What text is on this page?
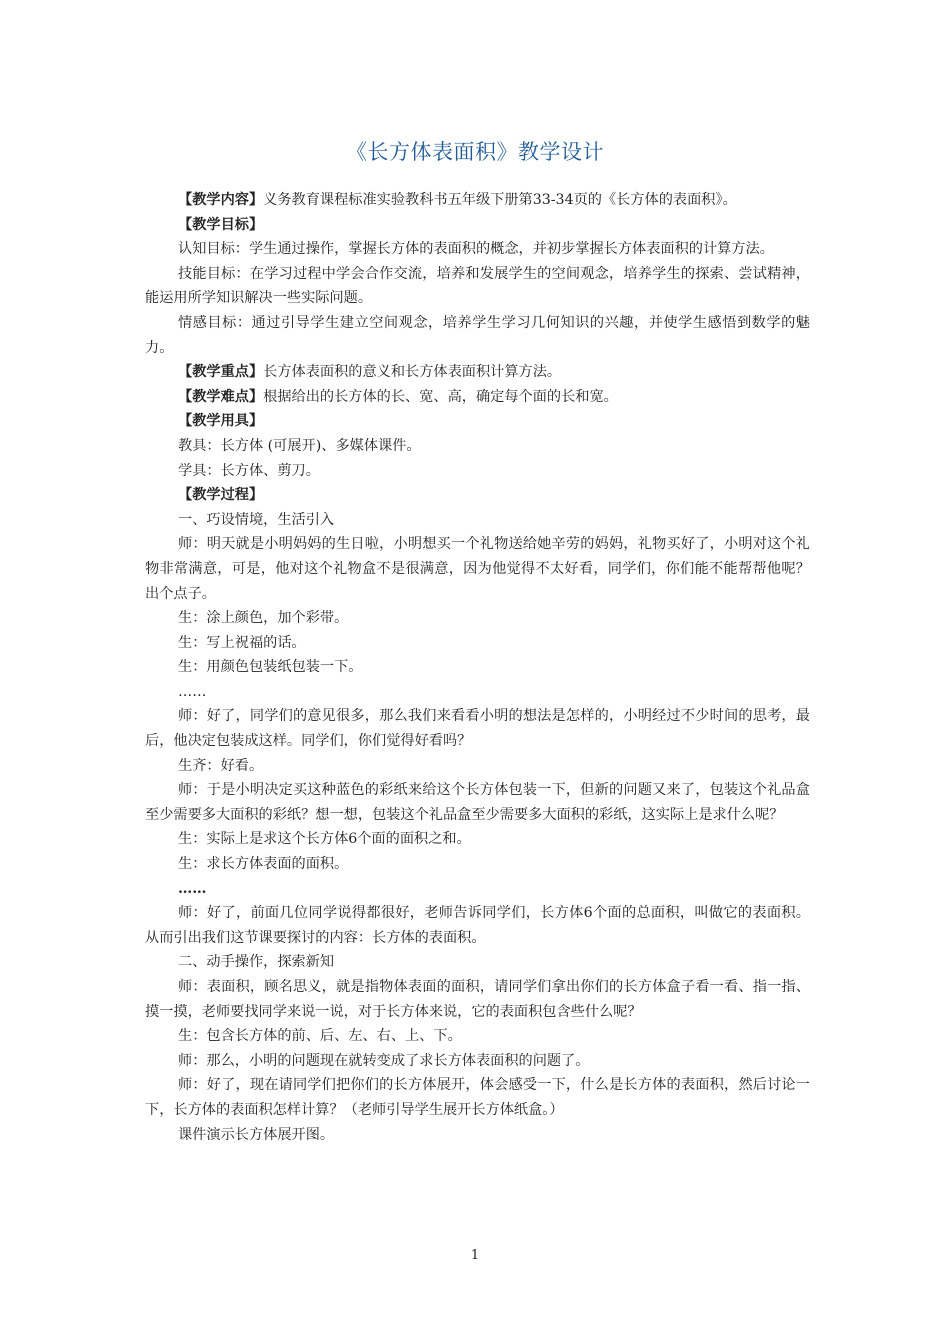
《长方体表面积》教学设计

【教学内容】义务教育课程标准实验教科书五年级下册第33-34页的《长方体的表面积》。

【教学目标】

认知目标：学生通过操作，掌握长方体的表面积的概念，并初步掌握长方体表面积的计算方法。

技能目标：在学习过程中学会合作交流，培养和发展学生的空间观念，培养学生的探索、尝试精神，能运用所学知识解决一些实际问题。

情感目标：通过引导学生建立空间观念，培养学生学习几何知识的兴趣，并使学生感悟到数学的魅力。

【教学重点】长方体表面积的意义和长方体表面积计算方法。

【教学难点】根据给出的长方体的长、宽、高，确定每个面的长和宽。

【教学用具】

教具：长方体 (可展开)、多媒体课件。

学具：长方体、剪刀。

【教学过程】

一、巧设情境，生活引入

师：明天就是小明妈妈的生日啦，小明想买一个礼物送给她辛劳的妈妈，礼物买好了，小明对这个礼物非常满意，可是，他对这个礼物盒不是很满意，因为他觉得不太好看，同学们，你们能不能帮帮他呢？出个点子。

生：涂上颜色，加个彩带。

生：写上祝福的话。

生：用颜色包装纸包装一下。

……

师：好了，同学们的意见很多，那么我们来看看小明的想法是怎样的，小明经过不少时间的思考，最后，他决定包装成这样。同学们，你们觉得好看吗？

生齐：好看。

师：于是小明决定买这种蓝色的彩纸来给这个长方体包装一下，但新的问题又来了，包装这个礼品盒至少需要多大面积的彩纸？想一想，包装这个礼品盒至少需要多大面积的彩纸，这实际上是求什么呢？

生：实际上是求这个长方体6个面的面积之和。

生：求长方体表面的面积。

……

师：好了，前面几位同学说得都很好，老师告诉同学们，长方体6个面的总面积，叫做它的表面积。从而引出我们这节课要探讨的内容：长方体的表面积。

二、动手操作，探索新知

师：表面积，顾名思义，就是指物体表面的面积，请同学们拿出你们的长方体盒子看一看、指一指、摸一摸，老师要找同学来说一说，对于长方体来说，它的表面积包含些什么呢？

生：包含长方体的前、后、左、右、上、下。

师：那么，小明的问题现在就转变成了求长方体表面积的问题了。

师：好了，现在请同学们把你们的长方体展开，体会感受一下，什么是长方体的表面积，然后讨论一下，长方体的表面积怎样计算？（老师引导学生展开长方体纸盒。）

课件演示长方体展开图。

1
